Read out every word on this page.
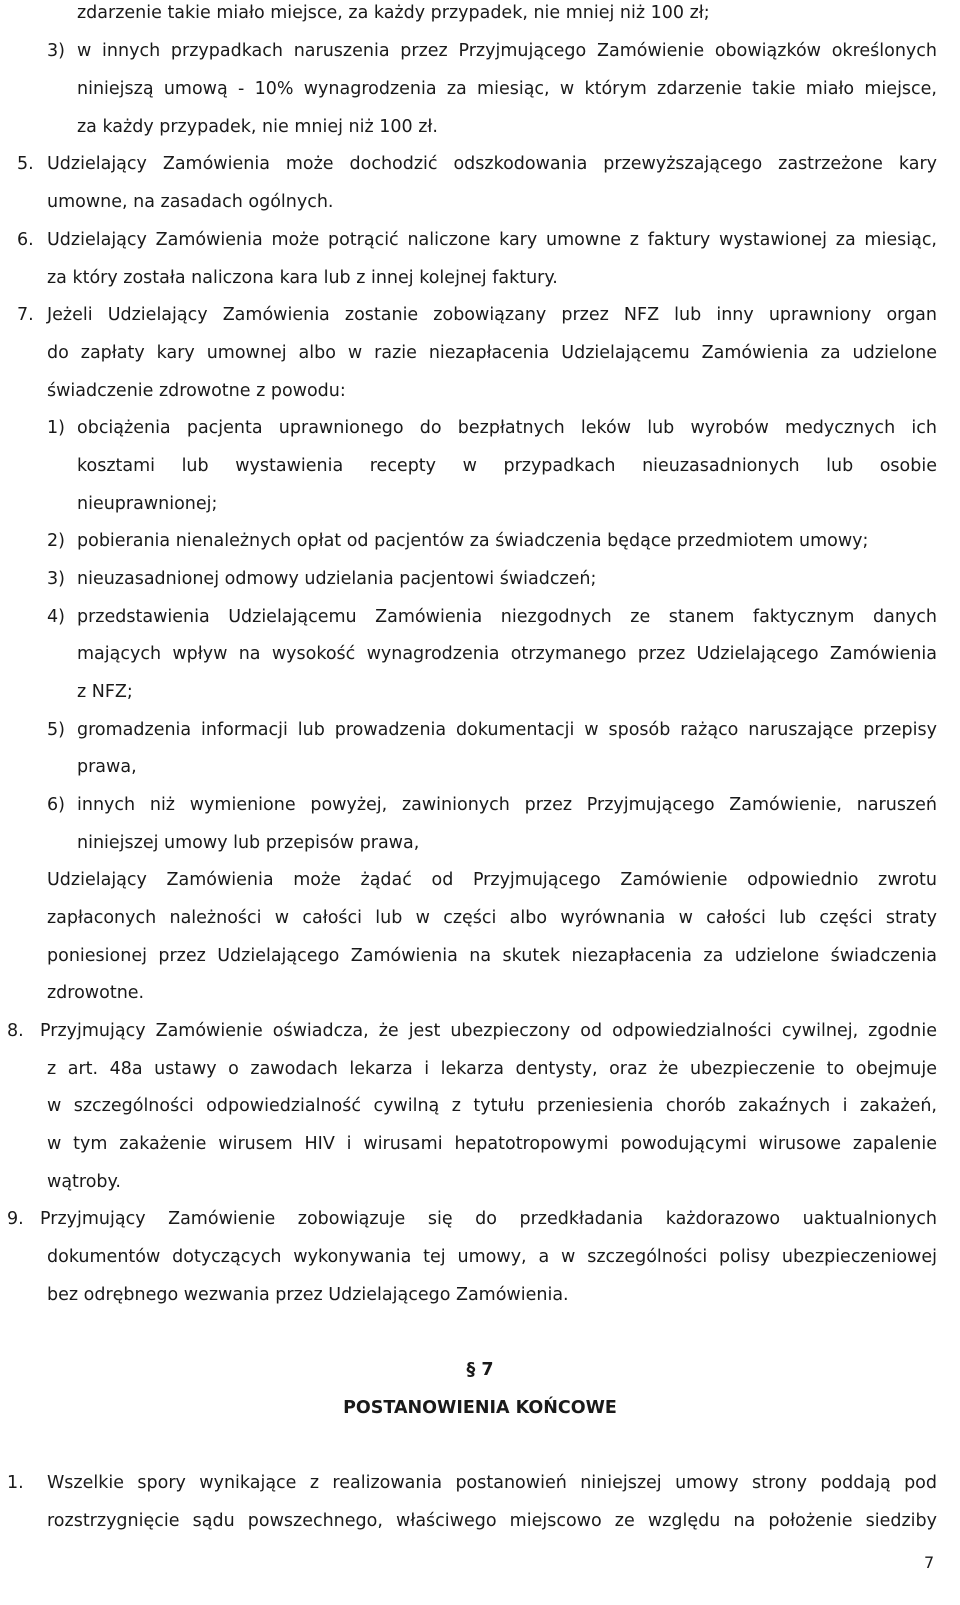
zdarzenie takie miało miejsce, za każdy przypadek, nie mniej niż 100 zł;
3) w innych przypadkach naruszenia przez Przyjmującego Zamówienie obowiązków określonych
niniejszą umową - 10% wynagrodzenia za miesiąc, w którym zdarzenie takie miało miejsce,
za każdy przypadek, nie mniej niż 100 zł.
5. Udzielający Zamówienia może dochodzić odszkodowania przewyższającego zastrzeżone kary
umowne, na zasadach ogólnych.
6. Udzielający Zamówienia może potrącić naliczone kary umowne z faktury wystawionej za miesiąc,
za który została naliczona kara lub z innej kolejnej faktury.
7. Jeżeli Udzielający Zamówienia zostanie zobowiązany przez NFZ lub inny uprawniony organ
do zapłaty kary umownej albo w razie niezapłacenia Udzielającemu Zamówienia za udzielone
świadczenie zdrowotne z powodu:
1) obciążenia pacjenta uprawnionego do bezpłatnych leków lub wyrobów medycznych ich
kosztami lub wystawienia recepty w przypadkach nieuzasadnionych lub osobie
nieuprawnionej;
2) pobierania nienależnych opłat od pacjentów za świadczenia będące przedmiotem umowy;
3) nieuzasadnionej odmowy udzielania pacjentowi świadczeń;
4) przedstawienia Udzielającemu Zamówienia niezgodnych ze stanem faktycznym danych
mających wpływ na wysokość wynagrodzenia otrzymanego przez Udzielającego Zamówienia
z NFZ;
5) gromadzenia informacji lub prowadzenia dokumentacji w sposób rażąco naruszające przepisy
prawa,
6) innych niż wymienione powyżej, zawinionych przez Przyjmującego Zamówienie, naruszeń
niniejszej umowy lub przepisów prawa,
Udzielający Zamówienia może żądać od Przyjmującego Zamówienie odpowiednio zwrotu
zapłaconych należności w całości lub w części albo wyrównania w całości lub części straty
poniesionej przez Udzielającego Zamówienia na skutek niezapłacenia za udzielone świadczenia
zdrowotne.
8. Przyjmujący Zamówienie oświadcza, że jest ubezpieczony od odpowiedzialności cywilnej, zgodnie
z art. 48a ustawy o zawodach lekarza i lekarza dentysty, oraz że ubezpieczenie to obejmuje
w szczególności odpowiedzialność cywilną z tytułu przeniesienia chorób zakaźnych i zakażeń,
w tym zakażenie wirusem HIV i wirusami hepatotropowymi powodującymi wirusowe zapalenie
wątroby.
9. Przyjmujący Zamówienie zobowiązuje się do przedkładania każdorazowo uaktualnionych
dokumentów dotyczących wykonywania tej umowy, a w szczególności polisy ubezpieczeniowej
bez odrębnego wezwania przez Udzielającego Zamówienia.
§ 7
POSTANOWIENIA KOŃCOWE
1. Wszelkie spory wynikające z realizowania postanowień niniejszej umowy strony poddają pod
rozstrzygnięcie sądu powszechnego, właściwego miejscowo ze względu na położenie siedziby
7
